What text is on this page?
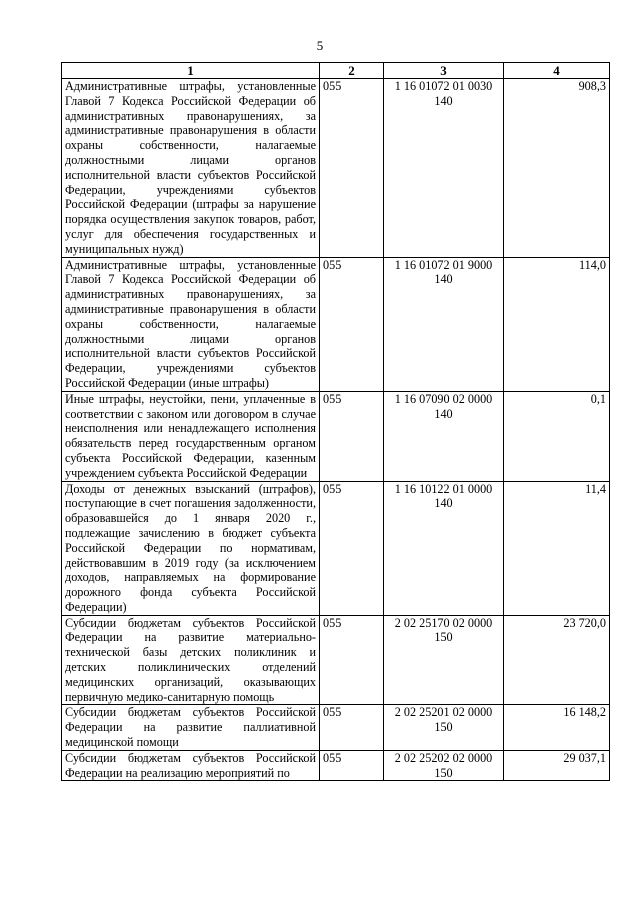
5
1	2	3	4
Административные штрафы, установленные Главой 7 Кодекса Российской Федерации об административных правонарушениях, за административные правонарушения в области охраны собственности, налагаемые должностными лицами органов исполнительной власти субъектов Российской Федерации, учреждениями субъектов Российской Федерации (штрафы за нарушение порядка осуществления закупок товаров, работ, услуг для обеспечения государственных и муниципальных нужд)	055	1 16 01072 01 0030 140	908,3
Административные штрафы, установленные Главой 7 Кодекса Российской Федерации об административных правонарушениях, за административные правонарушения в области охраны собственности, налагаемые должностными лицами органов исполнительной власти субъектов Российской Федерации, учреждениями субъектов Российской Федерации (иные штрафы)	055	1 16 01072 01 9000 140	114,0
Иные штрафы, неустойки, пени, уплаченные в соответствии с законом или договором в случае неисполнения или ненадлежащего исполнения обязательств перед государственным органом субъекта Российской Федерации, казенным учреждением субъекта Российской Федерации	055	1 16 07090 02 0000 140	0,1
Доходы от денежных взысканий (штрафов), поступающие в счет погашения задолженности, образовавшейся до 1 января 2020 г., подлежащие зачислению в бюджет субъекта Российской Федерации по нормативам, действовавшим в 2019 году (за исключением доходов, направляемых на формирование дорожного фонда субъекта Российской Федерации)	055	1 16 10122 01 0000 140	11,4
Субсидии бюджетам субъектов Российской Федерации на развитие материально-технической базы детских поликлиник и детских поликлинических отделений медицинских организаций, оказывающих первичную медико-санитарную помощь	055	2 02 25170 02 0000 150	23 720,0
Субсидии бюджетам субъектов Российской Федерации на развитие паллиативной медицинской помощи	055	2 02 25201 02 0000 150	16 148,2
Субсидии бюджетам субъектов Российской Федерации на реализацию мероприятий по	055	2 02 25202 02 0000 150	29 037,1
